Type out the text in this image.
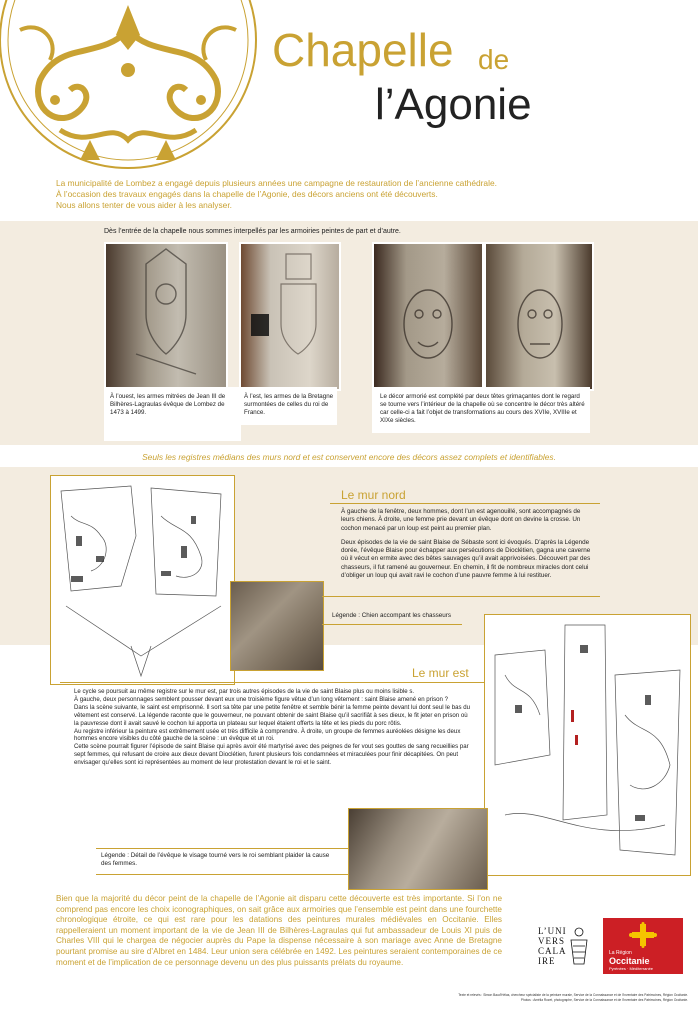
Chapelle de
l’Agonie

La municipalité de Lombez a engagé depuis plusieurs années une campagne de restauration de l’ancienne cathédrale.

À l’occasion des travaux engagés dans la chapelle de l’Agonie, des décors anciens ont été découverts.

Nous allons tenter de vous aider à les analyser.

Dès l’entrée de la chapelle nous sommes interpellés par les armoiries peintes de part et d’autre.
À l’ouest, les armes mitrées de Jean III de Bilhères-Lagraulas évêque de Lombez de 1473 à 1499.
À l’est, les armes de la Bretagne surmontées de celles du roi de France.
Le décor armorié est complété par deux têtes grimaçantes dont le regard se tourne vers l’intérieur de la chapelle où se concentre le décor très altéré car celle-ci a fait l’objet de transformations au cours des XVIIe, XVIIIe et XIXe siècles.
Seuls les registres médians des murs nord et est conservent encore des décors assez complets et identifiables.
Le mur nord

À gauche de la fenêtre, deux hommes, dont l’un est agenouillé, sont accompagnés de leurs chiens. À droite, une femme prie devant un évêque dont on devine la crosse. Un cochon menacé par un loup est peint au premier plan.

Deux épisodes de la vie de saint Blaise de Sébaste sont ici évoqués. D’après la Légende dorée, l’évêque Blaise pour échapper aux persécutions de Dioclétien, gagna une caverne où il vécut en ermite avec des bêtes sauvages qu’il avait apprivoisées. Découvert par des chasseurs, il fut ramené au gouverneur. En chemin, il fit de nombreux miracles dont celui d’obliger un loup qui avait ravi le cochon d’une pauvre femme à lui restituer.

Légende : Chien accompant les chasseurs
Le mur est

Le cycle se poursuit au même registre sur le mur est, par trois autres épisodes de la vie de saint Blaise plus ou moins lisible s.

À gauche, deux personnages semblent pousser devant eux une troisième figure vêtue d’un long vêtement : saint Blaise amené en prison ?

Dans la scène suivante, le saint est emprisonné. Il sort sa tête par une petite fenêtre et semble bénir la femme peinte devant lui dont seul le bas du vêtement est conservé. La légende raconte que le gouverneur, ne pouvant obtenir de saint Blaise qu’il sacrifiât à ses dieux, le fit jeter en prison où la pauvresse dont il avait sauvé le cochon lui apporta un plateau sur lequel étaient offerts la tête et les pieds du porc rôtis.

Au registre inférieur la peinture est extrêmement usée et très difficile à comprendre. À droite, un groupe de femmes auréolées désigne les deux hommes encore visibles du côté gauche de la scène : un évêque et un roi.

Cette scène pourrait figurer l’épisode de saint Blaise qui après avoir été martyrisé avec des peignes de fer vout ses gouttes de sang recueillies par sept femmes, qui refusant de croire aux dieux devant Dioclétien, furent plusieurs fois condamnées et miraculées pour finir décapitées. On peut envisager qu’elles sont ici représentées au moment de leur protestation devant le roi et le saint.

Légende : Détail de l’évêque le visage tourné vers le roi semblant plaider la cause des femmes.
Bien que la majorité du décor peint de la chapelle de l’Agonie ait disparu cette découverte est très importante. Si l’on ne comprend pas encore les choix iconographiques, on sait grâce aux armoiries que l’ensemble est peint dans une fourchette chronologique étroite, ce qui est rare pour les datations des peintures murales médiévales en Occitanie. Elles rappelleraient un moment important de la vie de Jean III de Bilhères-Lagraulas qui fut ambassadeur de Louis XI puis de Charles VIII qui le chargea de négocier auprès du Pape la dispense nécessaire à son mariage avec Anne de Bretagne pourtant promise au sire d’Albret en 1484. Leur union sera célébrée en 1492. Les peintures seraient contemporaines de ce moment et de l’implication de ce personnage devenu un des plus puissants prélats du royaume.
L’UNIVERS CALAIRE
La Région
Occitanie
Pyrénées · Méditerranée

Texte et relevés : Simon Baud'Hélas, chercheur spécialiste de la peinture murale, Service de la Connaissance et de l'Inventaire des Patrimoines, Région Occitanie.

Photos : Amélia Rozet, photographe, Service de la Connaissance et de l'Inventaire des Patrimoines, Région Occitanie.
